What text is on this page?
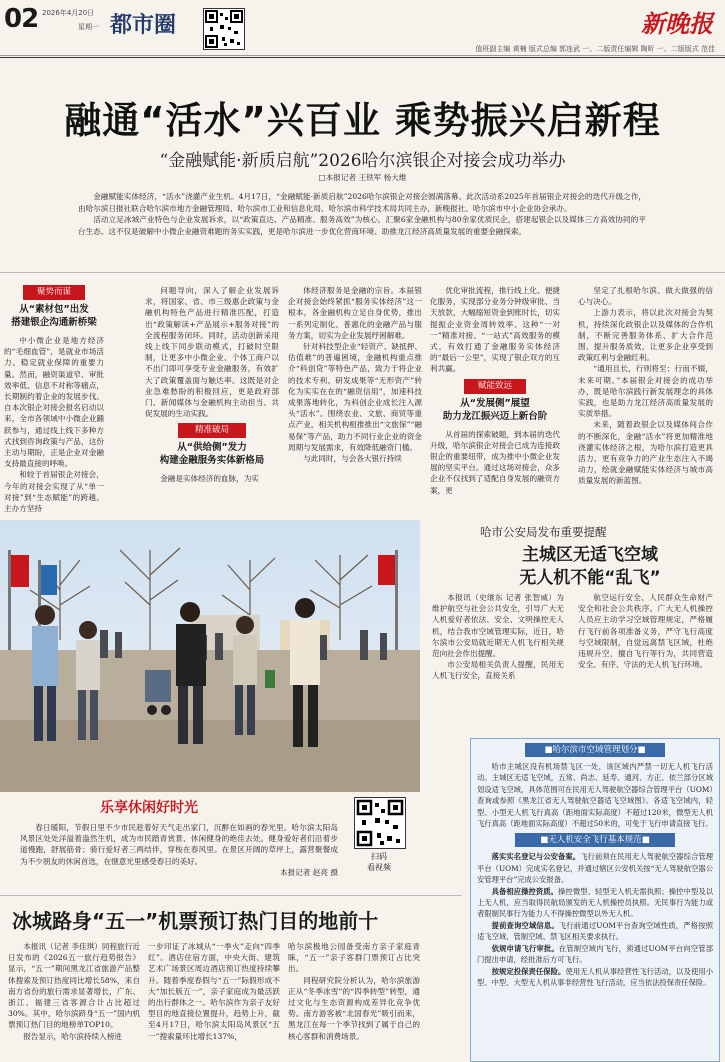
02 2026年4月20日
星期一 都市圈	新晚报
值班副主编 黄楠 版式总编 郭连武 一、二版责任编辑 陶昕 一、二版版式 范佳
融通“活水”兴百业 乘势振兴启新程
“金融赋能·新质启航”2026哈尔滨银企对接会成功举办
□本报记者 王铁军 杨大维

金融赋能实体经济，“活水”浇灌产业生机。4月17日，“金融赋能·新质启航”2026哈尔滨银企对接会圆满落幕。此次活动系2025年首届银企对接会的迭代升级之作，由哈尔滨日报社联合哈尔滨市地方金融管理局、哈尔滨市工业和信息化局、哈尔滨市科学技术局共同主办，新晚报社、哈尔滨市中小企业协会承办。

活动立足冰城产业特色与企业发展诉求，以“政策直达、产品精准、服务高效”为核心，汇聚6家金融机构与80余家优质民企，搭建起银企以及媒体三方高效协同的平台生态。这不仅是破解中小微企业融资难题的务实实践，更是哈尔滨进一步优化营商环境、助推龙江经济高质量发展的重要金融探索。

聚势而谋
从“素材包”出发
搭建银企沟通新桥梁

中小微企业是地方经济的“毛细血管”，是就业市场活力、稳定就业保障的重要力量。然而，融资渠道窄、审批效率低、信息不对称等痛点，长期制约着企业的发展步伐。自本次银企对接会报名启动以来，全市各领域中小微企业踊跃参与，通过线上线下多种方式找到咨询政策与产品，这份主动与期盼，正是企业对金融支持最直接的呼唤。

和较于首届银企对接会，今年的对接会实现了从“单一对接”到“生态赋能”的跨越。主办方坚持

问题导向，深入了解企业发展诉求，将国家、省、市三级惠企政策与金融机构特色产品进行精准匹配，打造出“政策解读+产品展示+服务对接”的全流程服务闭环。同时，活动创新采用线上线下同步联动模式，打破时空限制，让更多中小微企业、个体工商户以不出门即可享受专业金融服务，有效扩大了政策覆盖面与触达率。这既是对企业急难愁盼的积极回应，更是政府部门、新闻媒体与金融机构主动担当、共促发展的生动实践。

精准破局
从“供给侧”发力
构建金融服务实体新格局

金融是实体经济的血脉，为实

体经济服务是金融的宗旨。本届银企对接会始终紧抓“服务实体经济”这一根本，各金融机构立足自身优势，推出一系列定制化、普惠化的金融产品与服务方案，切实为企业发展纾困解难。

针对科技型企业“轻资产、缺抵押、估值难”的普遍困境，金融机构重点推介“科创贷”等特色产品，致力于将企业的技术专利、研发成果等“无形资产”转化为实实在在的“融资信用”，加速科技成果落地转化，为科创企业成长注入源头“活水”。围绕农业、文旅、商贸等重点产业，相关机构相推推出“文旅保”“融易保”等产品，助力不同行业企业的资金周期与发展需求，有效降低融资门槛。

与此同时，与会各大银行持续

优化审批流程，推行线上化、便捷化服务，实现部分业务分钟级审批、当天放款，大幅缩短资金到账时长，切实提振企业资金周转效率。这种“一对一”精准对接、“一站式”高效服务的模式，有效打通了金融服务实体经济的“最后一公里”，实现了银企双方的互利共赢。

赋能致远
从“发展侧”展望
助力龙江振兴迈上新台阶

从首届的探索破题，到本届的迭代升级，哈尔滨银企对接会已成为连接政银企的重要纽带，成为推中小微企业发展的坚实平台。通过这场对接会，众多企业不仅找到了适配自身发展的融资方案，更

坚定了扎根哈尔滨、做大做强的信心与决心。

上游力表示，将以此次对接会为契机，持续深化政银企以及媒体的合作机制，不断完善服务体系、扩大合作范围、提升服务质效，让更多企业享受到政策红利与金融红利。

“通用且长，行则将至；行而不辍，未来可期。”本届银企对接会的成功举办，既是哈尔滨践行新发展理念的具体实践，也是助力龙江经济高质量发展的实质举措。

未来，随着政银企以及媒体间合作的不断深化，金融“活水”将更加精准地浇灌实体经济之根，为哈尔滨打造更具活力、更有竞争力的产业生态注入不竭动力，绘就金融赋能实体经济与城市高质量发展的新蓝图。

乐享休闲好时光

春日暖阳，节假日里不少市民趁着好天气走出家门，沉醉在如画的春光里。哈尔滨太阳岛风景区处处洋溢着盎然生机，成为市民踏青赏景、休闲健身的绝佳去处。健身爱好者们沿着步道慢跑，舒展筋骨；骑行爱好者三两结伴，穿梭在春风里。在景区开阔的草坪上，露营聚餐成为不少朋友的休闲首选，在惬意光里感受春日的美好。

本报记者 赵亮 摄
扫码
看视频
哈市公安局发布重要提醒
主城区无适飞空域
无人机不能“乱飞”

本报讯（史继东 记者 张智威）为维护航空与社会公共安全，引导广大无人机爱好者依法、安全、文明操控无人机，结合我市空域管理实际，近日，哈尔滨市公安局就近期无人机飞行相关规范向社会作出提醒。

市公安局相关负责人提醒，民用无人机飞行安全，直接关系

航空运行安全、人民群众生命财产安全和社会公共秩序。广大无人机操控人员应主动学习空域管理规定，严格履行飞行前各项准备义务，严守飞行高度与空域限制，自觉远离禁飞区域，杜绝违规升空，擅自飞行等行为，共同营造安全、有序、守法的无人机飞行环境。

■哈尔滨市空域管理划分■

哈市主城区没有机场禁飞区一处，该区域内严禁一切无人机飞行活动。主城区无适飞空域，五常、尚志、延寿、通河、方正、依兰部分区域划设适飞空域，具体范围可在民用无人驾驶航空器综合管理平台（UOM）查询或参照《黑龙江省无人驾驶航空器适飞空域图》。各适飞空域内，轻型、小型无人机飞行真高（距地面实际高度）不超过120米，微型无人机飞行真高（距地面实际高度）不超过50米的，可免于飞行申请直接飞行。

■无人机安全飞行基本规范■

落实实名登记与公安备案。飞行前须在民用无人驾驶航空器综合管理平台（UOM）完成实名登记，并通过辖区公安机关按“无人驾驶航空器公安管理平台”完成公安报备。

具备相应操控资质。操控微型、轻型无人机无需执照；操控中型及以上无人机，应当取得民航局颁发的无人机操控员执照。无民事行为能力或者限制民事行为能力人不得操控微型以外无人机。

提前查询空域信息。飞行前通过UOM平台查询空域性质，严格按照适飞空域、管制空域、禁飞区相关要求执行。

依规申请飞行审批。在管制空域内飞行，须通过UOM平台向空管部门提出申请，经批准后方可飞行。

按规定投保责任保险。使用无人机从事经营性飞行活动，以及使用小型、中型、大型无人机从事非经营性飞行活动，应当依法投保责任保险。

冰城路身“五一”机票预订热门目的地前十

本报讯（记者 李佳琪）同程旅行近日发布的《2026五一旅行趋势报告》显示，“五一”期间黑龙江省旅游产品整体搜索及预订热度同比增长58%，来自南方省份的旅行需求显著增长，广东、浙江、福建三省客源合计占比超过30%。其中，哈尔滨跻身“五一”国内机票预订热门目的地榜单TOP10。

报告显示，哈尔滨持续入榜进

一步印证了冰城从“一季火”走向“四季红”。酒店住宿方面，中央大街、建筑艺术广场景区周边酒店预订热度持续攀升。随着季度春假与“五一”际假形成不大“加长版五一”，亲子家庭成为最活跃的出行群体之一。哈尔滨作为亲子友好型目的地直接位置提升，趋势上升，截至4月17日，哈尔滨太阳岛风景区“五一”搜索量环比增长137%，

哈尔滨极地公园备受南方亲子家庭青睐，“五一”亲子客群门票预订占比突出。

同程研究院分析认为，哈尔滨旅游正从“冬季冰雪”的“四季转型”转型，通过文化与生态资源构成差异化竞争优势。南方游客被“北国春光”吸引而来，黑龙江在每一个季节找到了属于自己的核心客群和消费场景。
